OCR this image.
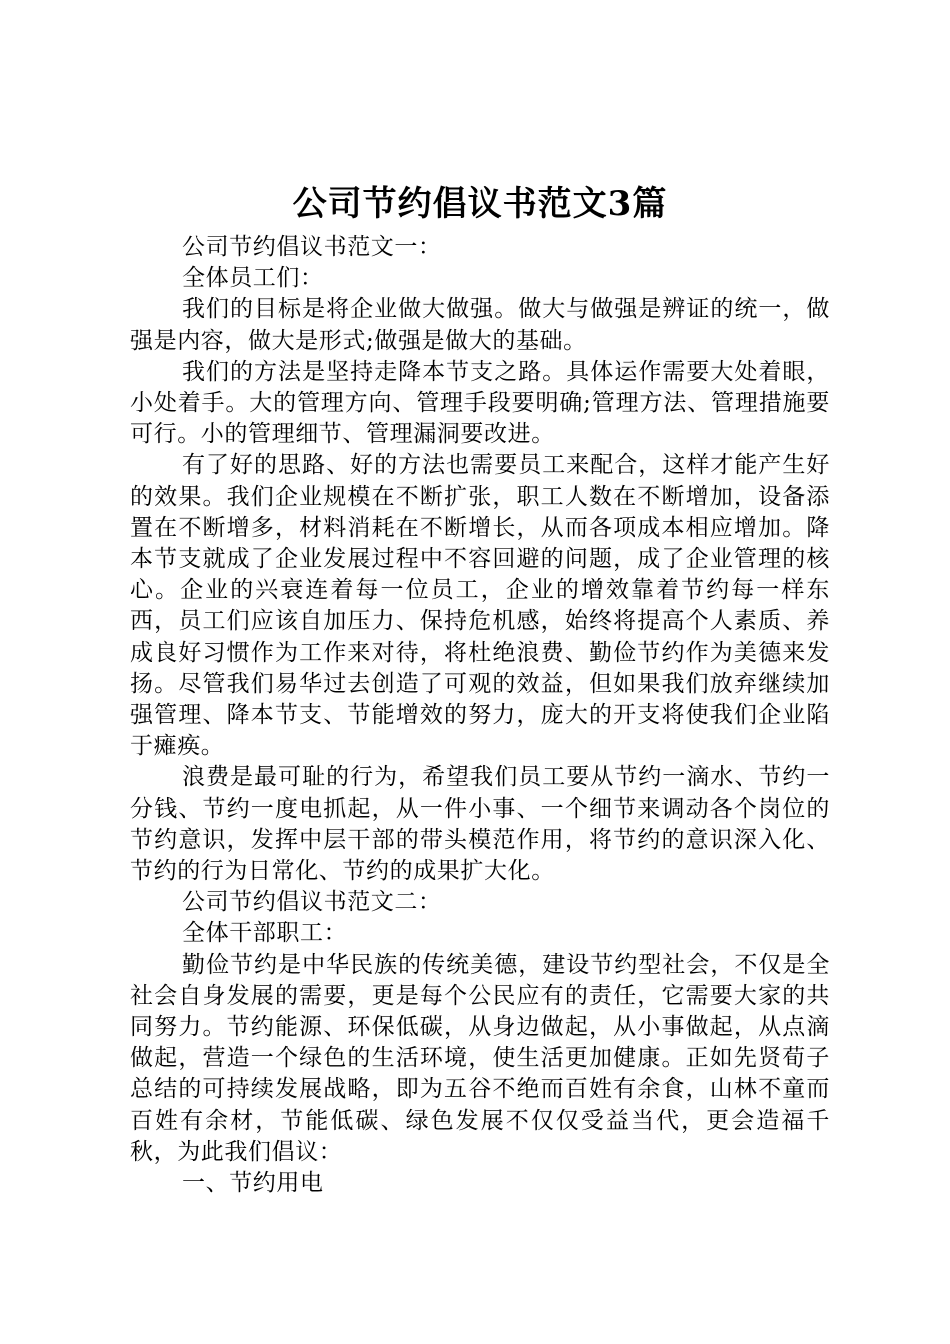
公司节约倡议书范文3篇

公司节约倡议书范文一：

全体员工们：

我们的目标是将企业做大做强。做大与做强是辨证的统一，做强是内容，做大是形式;做强是做大的基础。

我们的方法是坚持走降本节支之路。具体运作需要大处着眼，小处着手。大的管理方向、管理手段要明确;管理方法、管理措施要可行。小的管理细节、管理漏洞要改进。

有了好的思路、好的方法也需要员工来配合，这样才能产生好的效果。我们企业规模在不断扩张，职工人数在不断增加，设备添置在不断增多，材料消耗在不断增长，从而各项成本相应增加。降本节支就成了企业发展过程中不容回避的问题，成了企业管理的核心。企业的兴衰连着每一位员工，企业的增效靠着节约每一样东西，员工们应该自加压力、保持危机感，始终将提高个人素质、养成良好习惯作为工作来对待，将杜绝浪费、勤俭节约作为美德来发扬。尽管我们易华过去创造了可观的效益，但如果我们放弃继续加强管理、降本节支、节能增效的努力，庞大的开支将使我们企业陷于瘫痪。

浪费是最可耻的行为，希望我们员工要从节约一滴水、节约一分钱、节约一度电抓起，从一件小事、一个细节来调动各个岗位的节约意识，发挥中层干部的带头模范作用，将节约的意识深入化、节约的行为日常化、节约的成果扩大化。

公司节约倡议书范文二：

全体干部职工：

勤俭节约是中华民族的传统美德，建设节约型社会，不仅是全社会自身发展的需要，更是每个公民应有的责任，它需要大家的共同努力。节约能源、环保低碳，从身边做起，从小事做起，从点滴做起，营造一个绿色的生活环境，使生活更加健康。正如先贤荀子总结的可持续发展战略，即为五谷不绝而百姓有余食，山林不童而百姓有余材，节能低碳、绿色发展不仅仅受益当代，更会造福千秋，为此我们倡议：

一、节约用电
